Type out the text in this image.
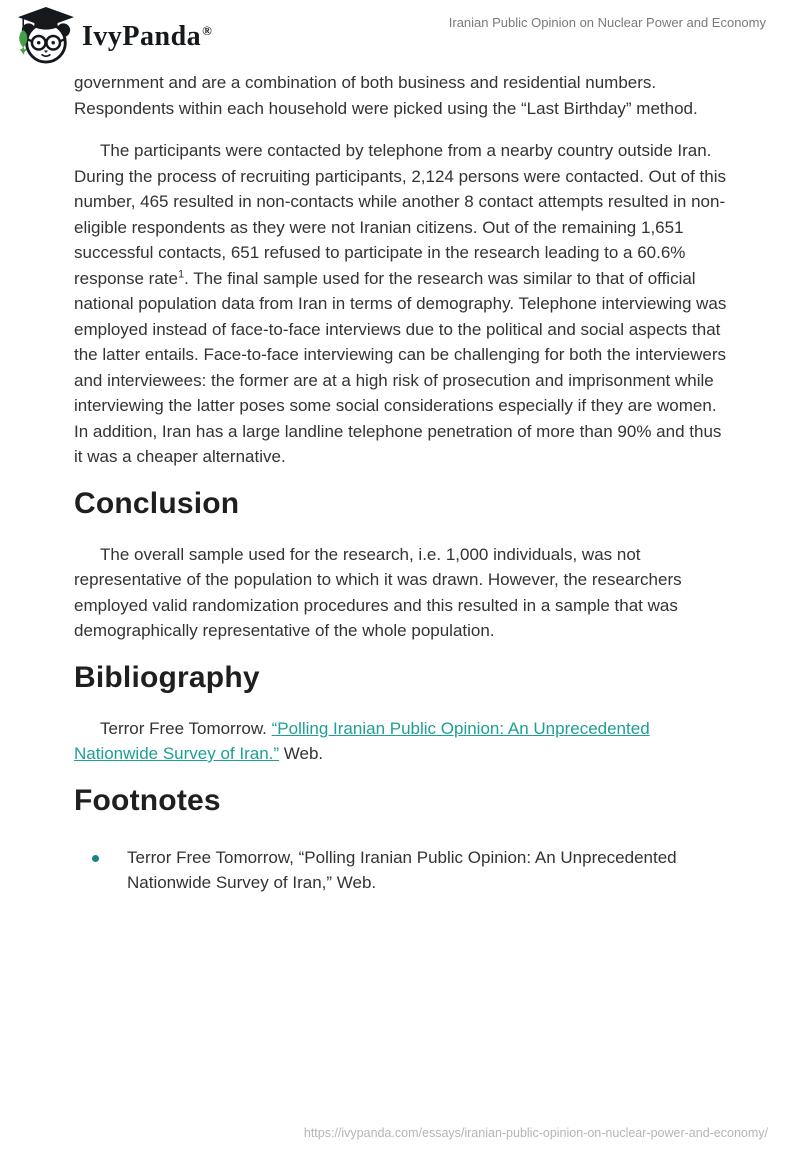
IvyPanda®
Iranian Public Opinion on Nuclear Power and Economy

government and are a combination of both business and residential numbers. Respondents within each household were picked using the “Last Birthday” method.

The participants were contacted by telephone from a nearby country outside Iran. During the process of recruiting participants, 2,124 persons were contacted. Out of this number, 465 resulted in non-contacts while another 8 contact attempts resulted in non-eligible respondents as they were not Iranian citizens. Out of the remaining 1,651 successful contacts, 651 refused to participate in the research leading to a 60.6% response rate$^1$. The final sample used for the research was similar to that of official national population data from Iran in terms of demography. Telephone interviewing was employed instead of face-to-face interviews due to the political and social aspects that the latter entails. Face-to-face interviewing can be challenging for both the interviewers and interviewees: the former are at a high risk of prosecution and imprisonment while interviewing the latter poses some social considerations especially if they are women. In addition, Iran has a large landline telephone penetration of more than 90% and thus it was a cheaper alternative.

Conclusion

The overall sample used for the research, i.e. 1,000 individuals, was not representative of the population to which it was drawn. However, the researchers employed valid randomization procedures and this resulted in a sample that was demographically representative of the whole population.

Bibliography

Terror Free Tomorrow. “Polling Iranian Public Opinion: An Unprecedented Nationwide Survey of Iran.” Web.

Footnotes
Terror Free Tomorrow, “Polling Iranian Public Opinion: An Unprecedented Nationwide Survey of Iran,” Web.
https://ivypanda.com/essays/iranian-public-opinion-on-nuclear-power-and-economy/
